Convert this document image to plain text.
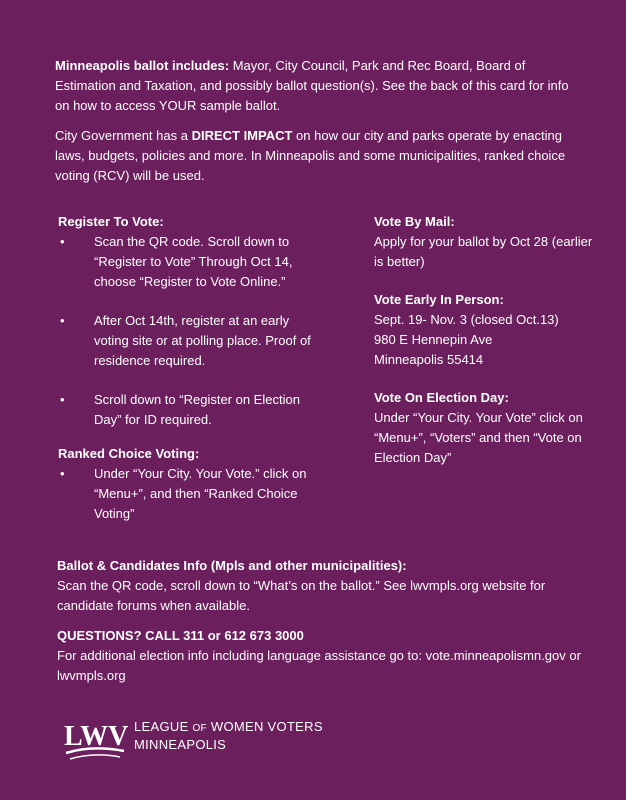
Minneapolis ballot includes: Mayor, City Council, Park and Rec Board, Board of Estimation and Taxation, and possibly ballot question(s). See the back of this card for info on how to access YOUR sample ballot.

City Government has a DIRECT IMPACT on how our city and parks operate by enacting laws, budgets, policies and more. In Minneapolis and some municipalities, ranked choice voting (RCV) will be used.

Register To Vote:
• Scan the QR code. Scroll down to “Register to Vote” Through Oct 14, choose “Register to Vote Online.”
• After Oct 14th, register at an early voting site or at polling place. Proof of residence required.
• Scroll down to “Register on Election Day” for ID required.
Ranked Choice Voting:
• Under “Your City. Your Vote.” click on “Menu+”, and then “Ranked Choice Voting”
Vote By Mail:
Apply for your ballot by Oct 28 (earlier is better)
Vote Early In Person:
Sept. 19- Nov. 3 (closed Oct.13)
980 E Hennepin Ave
Minneapolis 55414
Vote On Election Day:
Under “Your City. Your Vote” click on “Menu+”, “Voters” and then “Vote on Election Day”

Ballot & Candidates Info (Mpls and other municipalities):

Scan the QR code, scroll down to “What’s on the ballot.” See lwvmpls.org website for candidate forums when available.

QUESTIONS? CALL 311 or 612 673 3000

For additional election info including language assistance go to: vote.minneapolismn.gov or lwvmpls.org

LWV LEAGUE OF WOMEN VOTERS
MINNEAPOLIS
